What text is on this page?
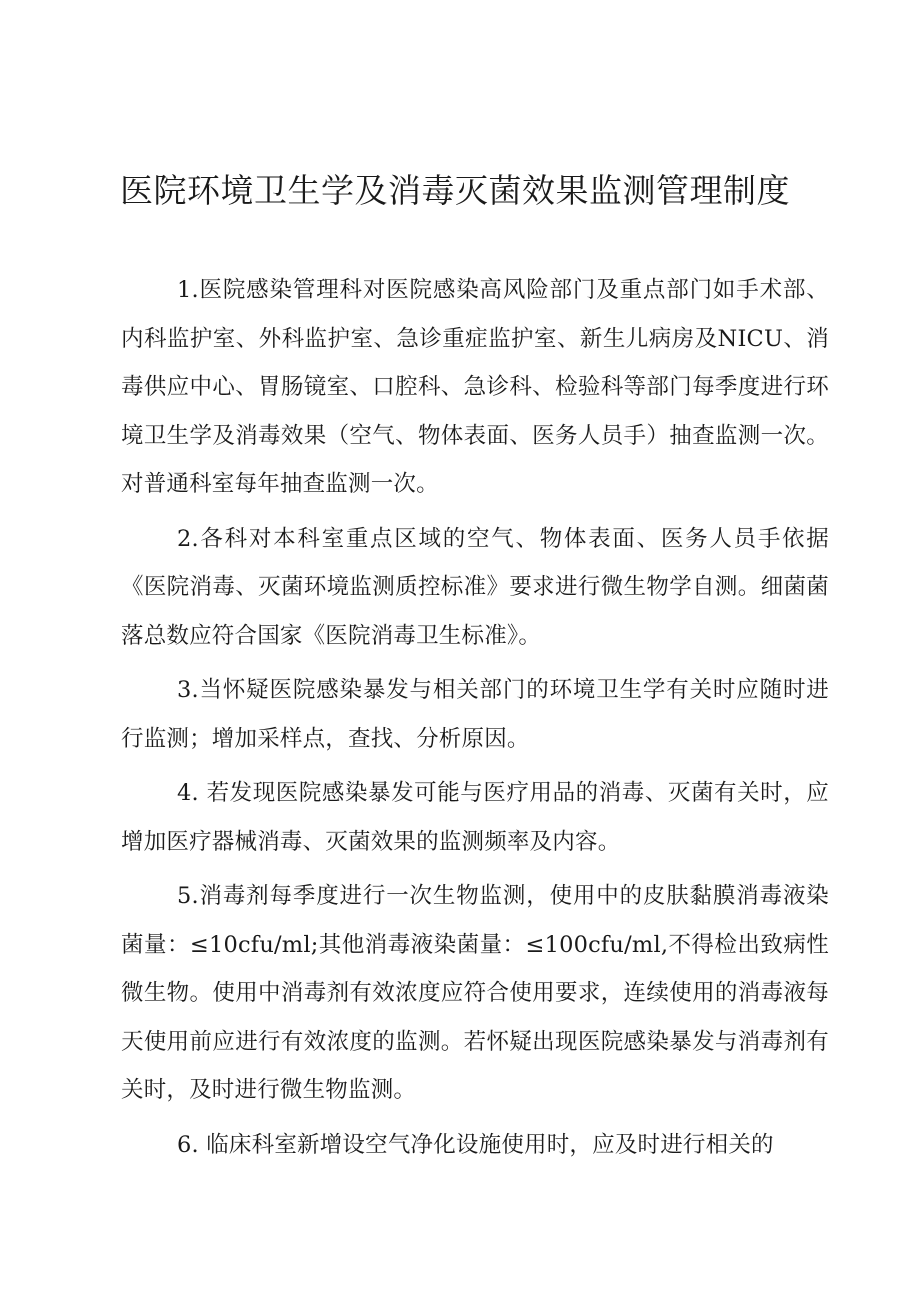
医院环境卫生学及消毒灭菌效果监测管理制度

1.医院感染管理科对医院感染高风险部门及重点部门如手术部、内科监护室、外科监护室、急诊重症监护室、新生儿病房及NICU、消毒供应中心、胃肠镜室、口腔科、急诊科、检验科等部门每季度进行环境卫生学及消毒效果（空气、物体表面、医务人员手）抽查监测一次。对普通科室每年抽查监测一次。

2.各科对本科室重点区域的空气、物体表面、医务人员手依据《医院消毒、灭菌环境监测质控标准》要求进行微生物学自测。细菌菌落总数应符合国家《医院消毒卫生标准》。

3.当怀疑医院感染暴发与相关部门的环境卫生学有关时应随时进行监测；增加采样点，查找、分析原因。

4. 若发现医院感染暴发可能与医疗用品的消毒、灭菌有关时，应增加医疗器械消毒、灭菌效果的监测频率及内容。

5.消毒剂每季度进行一次生物监测，使用中的皮肤黏膜消毒液染菌量：≤10cfu/ml;其他消毒液染菌量：≤100cfu/ml,不得检出致病性微生物。使用中消毒剂有效浓度应符合使用要求，连续使用的消毒液每天使用前应进行有效浓度的监测。若怀疑出现医院感染暴发与消毒剂有关时，及时进行微生物监测。

6. 临床科室新增设空气净化设施使用时，应及时进行相关的
